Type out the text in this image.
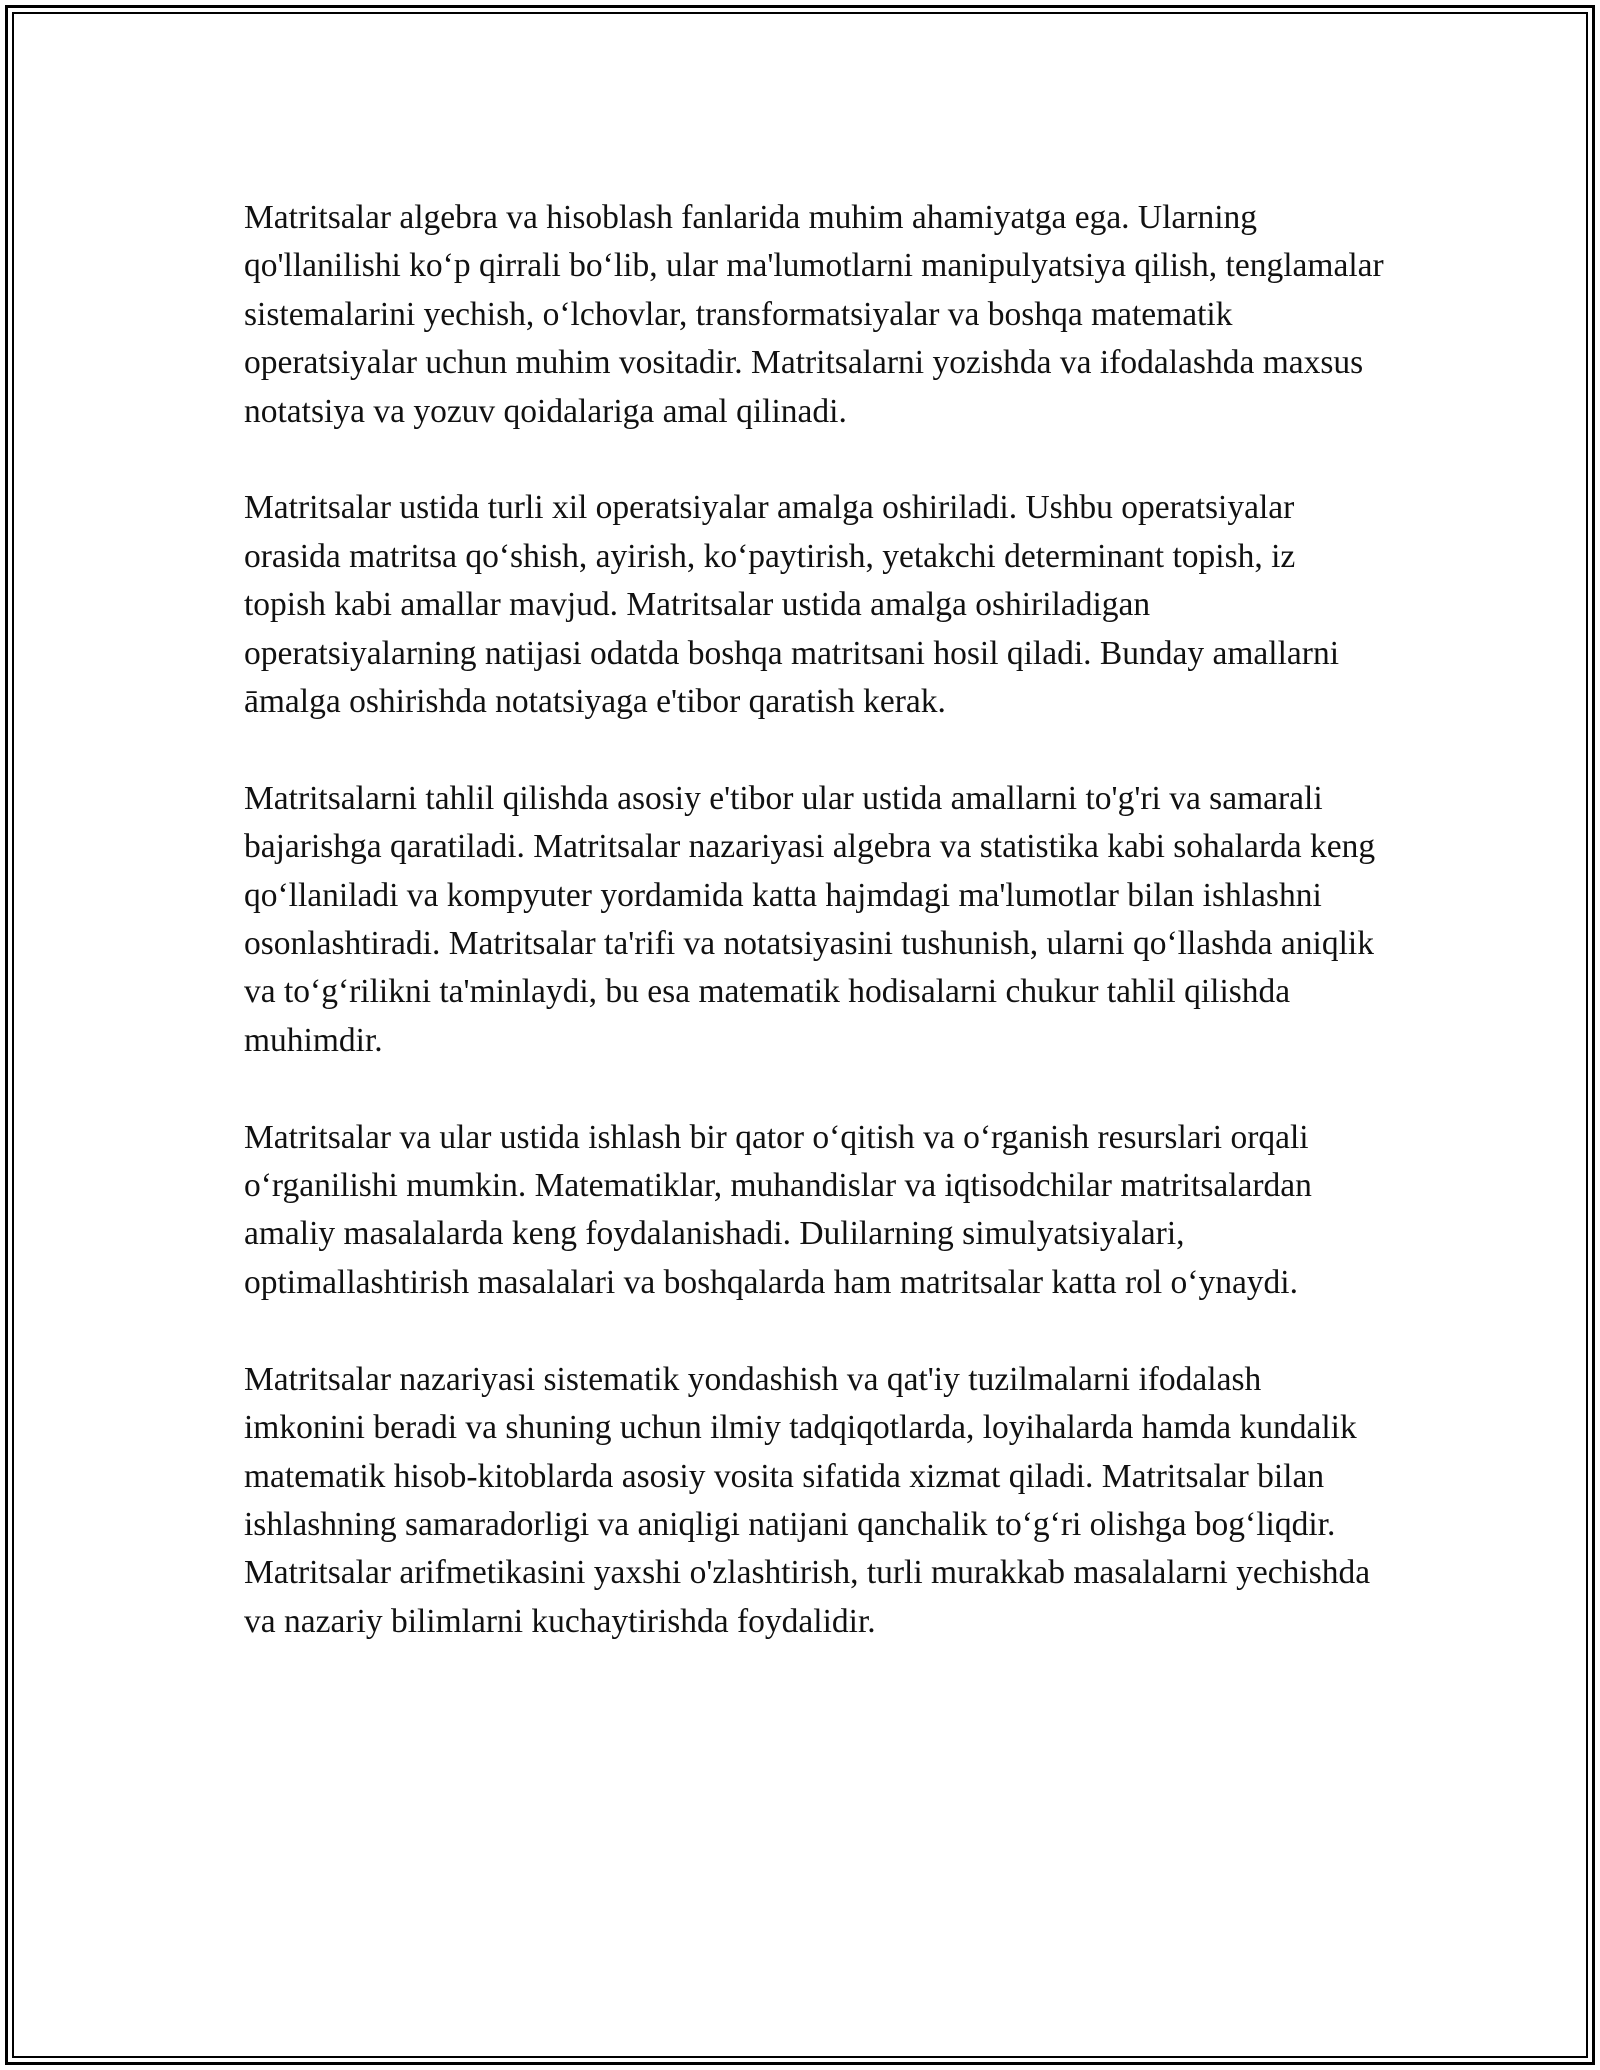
Matritsalar algebra va hisoblash fanlarida muhim ahamiyatga ega. Ularning qo'llanilishi ko‘p qirrali bo‘lib, ular ma'lumotlarni manipulyatsiya qilish, tenglamalar sistemalarini yechish, o‘lchovlar, transformatsiyalar va boshqa matematik operatsiyalar uchun muhim vositadir. Matritsalarni yozishda va ifodalashda maxsus notatsiya va yozuv qoidalariga amal qilinadi.

Matritsalar ustida turli xil operatsiyalar amalga oshiriladi. Ushbu operatsiyalar orasida matritsa qo‘shish, ayirish, ko‘paytirish, yetakchi determinant topish, iz topish kabi amallar mavjud. Matritsalar ustida amalga oshiriladigan operatsiyalarning natijasi odatda boshqa matritsani hosil qiladi. Bunday amallarni āmalga oshirishda notatsiyaga e'tibor qaratish kerak.

Matritsalarni tahlil qilishda asosiy e'tibor ular ustida amallarni to'g'ri va samarali bajarishga qaratiladi. Matritsalar nazariyasi algebra va statistika kabi sohalarda keng qo‘llaniladi va kompyuter yordamida katta hajmdagi ma'lumotlar bilan ishlashni osonlashtiradi. Matritsalar ta'rifi va notatsiyasini tushunish, ularni qo‘llashda aniqlik va to‘g‘rilikni ta'minlaydi, bu esa matematik hodisalarni chukur tahlil qilishda muhimdir.

Matritsalar va ular ustida ishlash bir qator o‘qitish va o‘rganish resurslari orqali o‘rganilishi mumkin. Matematiklar, muhandislar va iqtisodchilar matritsalardan amaliy masalalarda keng foydalanishadi. Dulilarning simulyatsiyalari, optimallashtirish masalalari va boshqalarda ham matritsalar katta rol o‘ynaydi.

Matritsalar nazariyasi sistematik yondashish va qat'iy tuzilmalarni ifodalash imkonini beradi va shuning uchun ilmiy tadqiqotlarda, loyihalarda hamda kundalik matematik hisob-kitoblarda asosiy vosita sifatida xizmat qiladi. Matritsalar bilan ishlashning samaradorligi va aniqligi natijani qanchalik to‘g‘ri olishga bog‘liqdir. Matritsalar arifmetikasini yaxshi o'zlashtirish, turli murakkab masalalarni yechishda va nazariy bilimlarni kuchaytirishda foydalidir.
